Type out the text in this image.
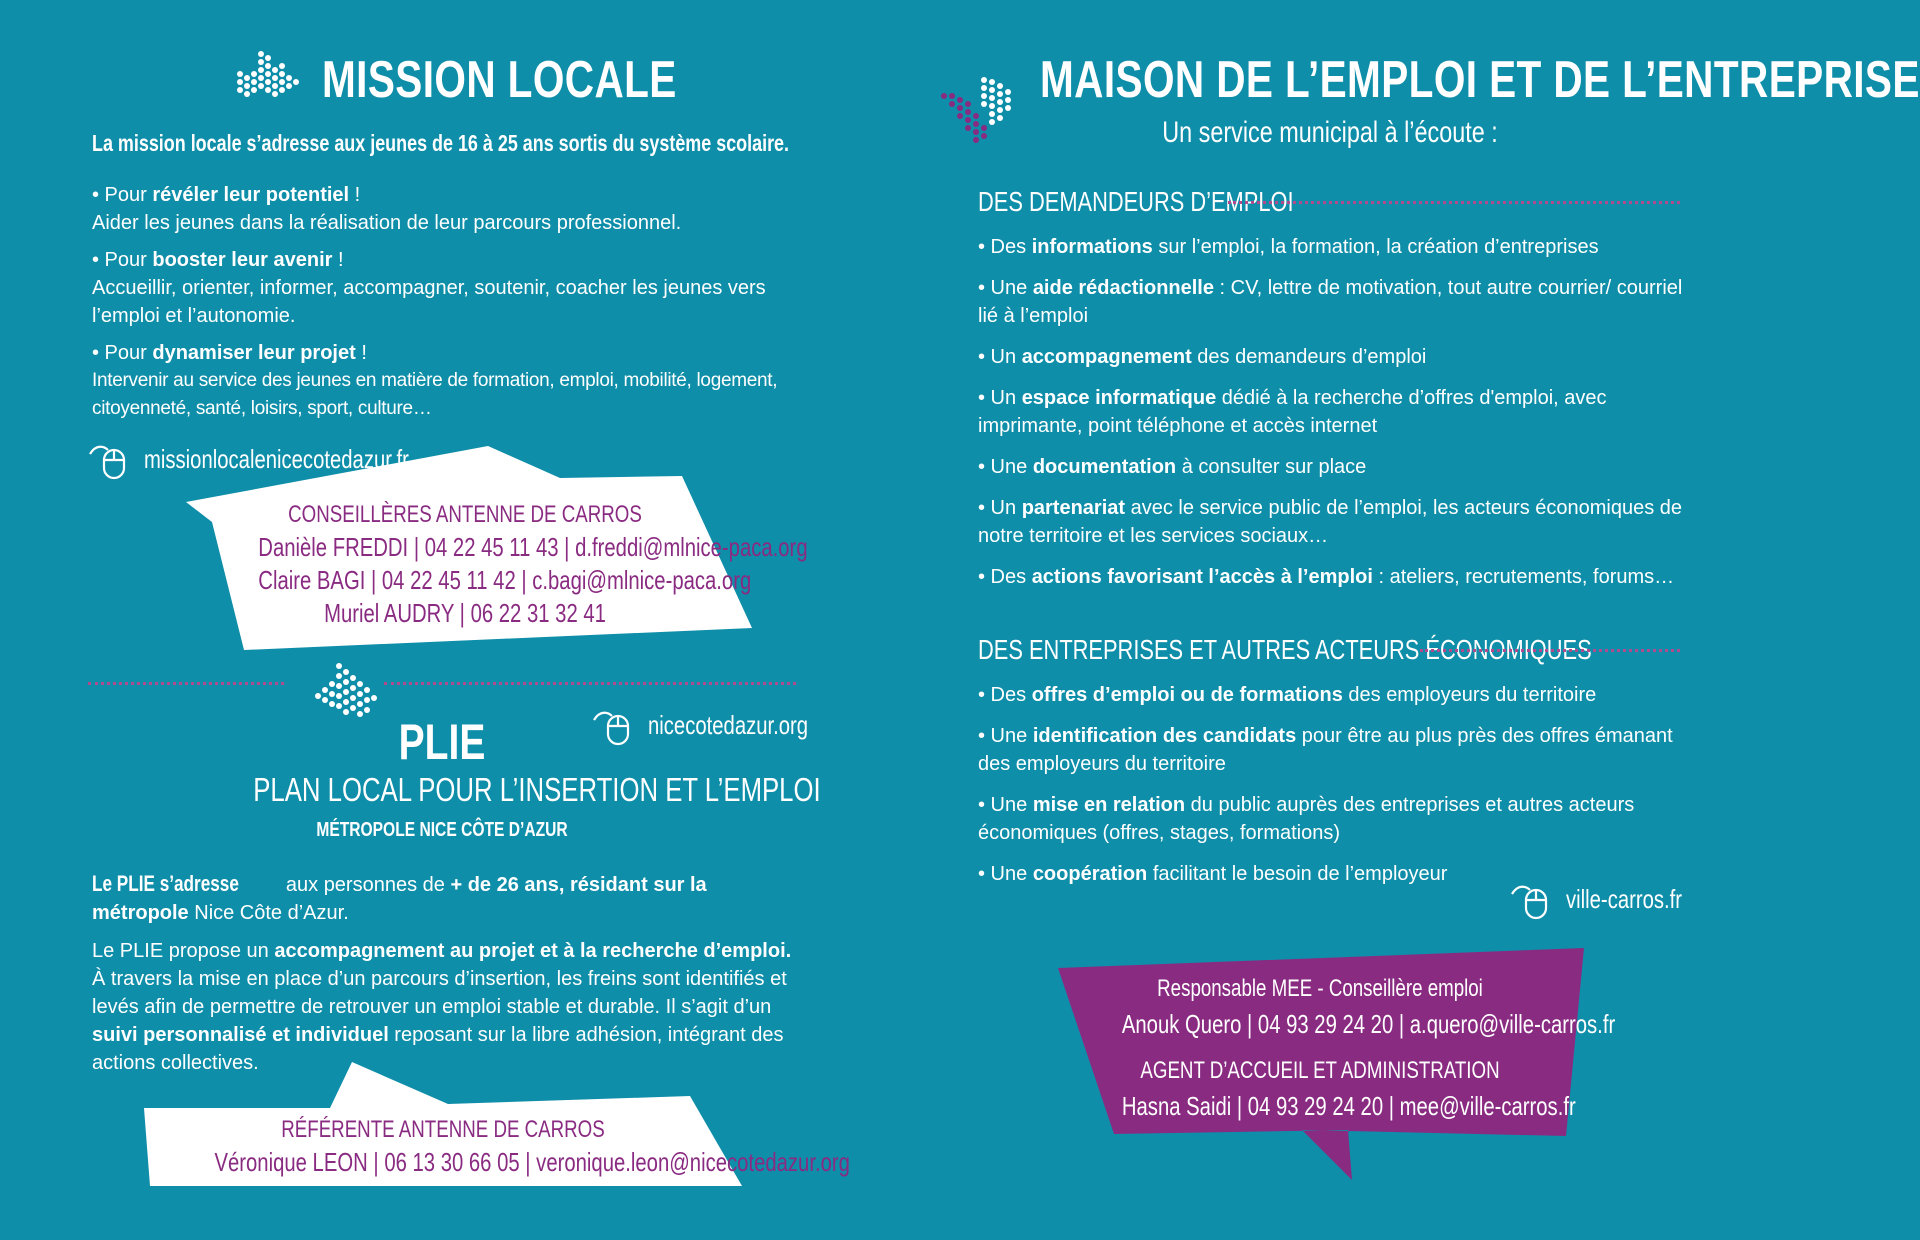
MISSION LOCALE
La mission locale s’adresse aux jeunes de 16 à 25 ans sortis du système scolaire.
• Pour révéler leur potentiel !
Aider les jeunes dans la réalisation de leur parcours professionnel.
• Pour booster leur avenir !
Accueillir, orienter, informer, accompagner, soutenir, coacher les jeunes vers l’emploi et l’autonomie.
• Pour dynamiser leur projet !
Intervenir au service des jeunes en matière de formation, emploi, mobilité, logement, citoyenneté, santé, loisirs, sport, culture…
missionlocalenicecotedazur.fr
CONSEILLÈRES ANTENNE DE CARROS
Danièle FREDDI | 04 22 45 11 43 | d.freddi@mlnice-paca.org
Claire BAGI | 04 22 45 11 42 | c.bagi@mlnice-paca.org
Muriel AUDRY | 06 22 31 32 41
PLIE
PLAN LOCAL POUR L’INSERTION ET L’EMPLOI
MÉTROPOLE NICE CÔTE D’AZUR
nicecotedazur.org

Le PLIE s’adresse aux personnes de + de 26 ans, résidant sur la métropole Nice Côte d’Azur.

Le PLIE propose un accompagnement au projet et à la recherche d’emploi. À travers la mise en place d’un parcours d’insertion, les freins sont identifiés et levés afin de permettre de retrouver un emploi stable et durable. Il s’agit d’un suivi personnalisé et individuel reposant sur la libre adhésion, intégrant des actions collectives.

RÉFÉRENTE ANTENNE DE CARROS
Véronique LEON | 06 13 30 66 05 | veronique.leon@nicecotedazur.org
MAISON DE L’EMPLOI ET DE L’ENTREPRISE
Un service municipal à l’écoute :
DES DEMANDEURS D’EMPLOI
• Des informations sur l’emploi, la formation, la création d’entreprises
• Une aide rédactionnelle : CV, lettre de motivation, tout autre courrier/ courriel lié à l’emploi
• Un accompagnement des demandeurs d’emploi
• Un espace informatique dédié à la recherche d’offres d'emploi, avec imprimante, point téléphone et accès internet
• Une documentation à consulter sur place
• Un partenariat avec le service public de l’emploi, les acteurs économiques de notre territoire et les services sociaux…
• Des actions favorisant l’accès à l’emploi : ateliers, recrutements, forums…
DES ENTREPRISES ET AUTRES ACTEURS ÉCONOMIQUES
• Des offres d’emploi ou de formations des employeurs du territoire
• Une identification des candidats pour être au plus près des offres émanant des employeurs du territoire
• Une mise en relation du public auprès des entreprises et autres acteurs économiques (offres, stages, formations)
• Une coopération facilitant le besoin de l’employeur
ville-carros.fr
Responsable MEE - Conseillère emploi
Anouk Quero | 04 93 29 24 20 | a.quero@ville-carros.fr
AGENT D’ACCUEIL ET ADMINISTRATION
Hasna Saidi | 04 93 29 24 20 | mee@ville-carros.fr
